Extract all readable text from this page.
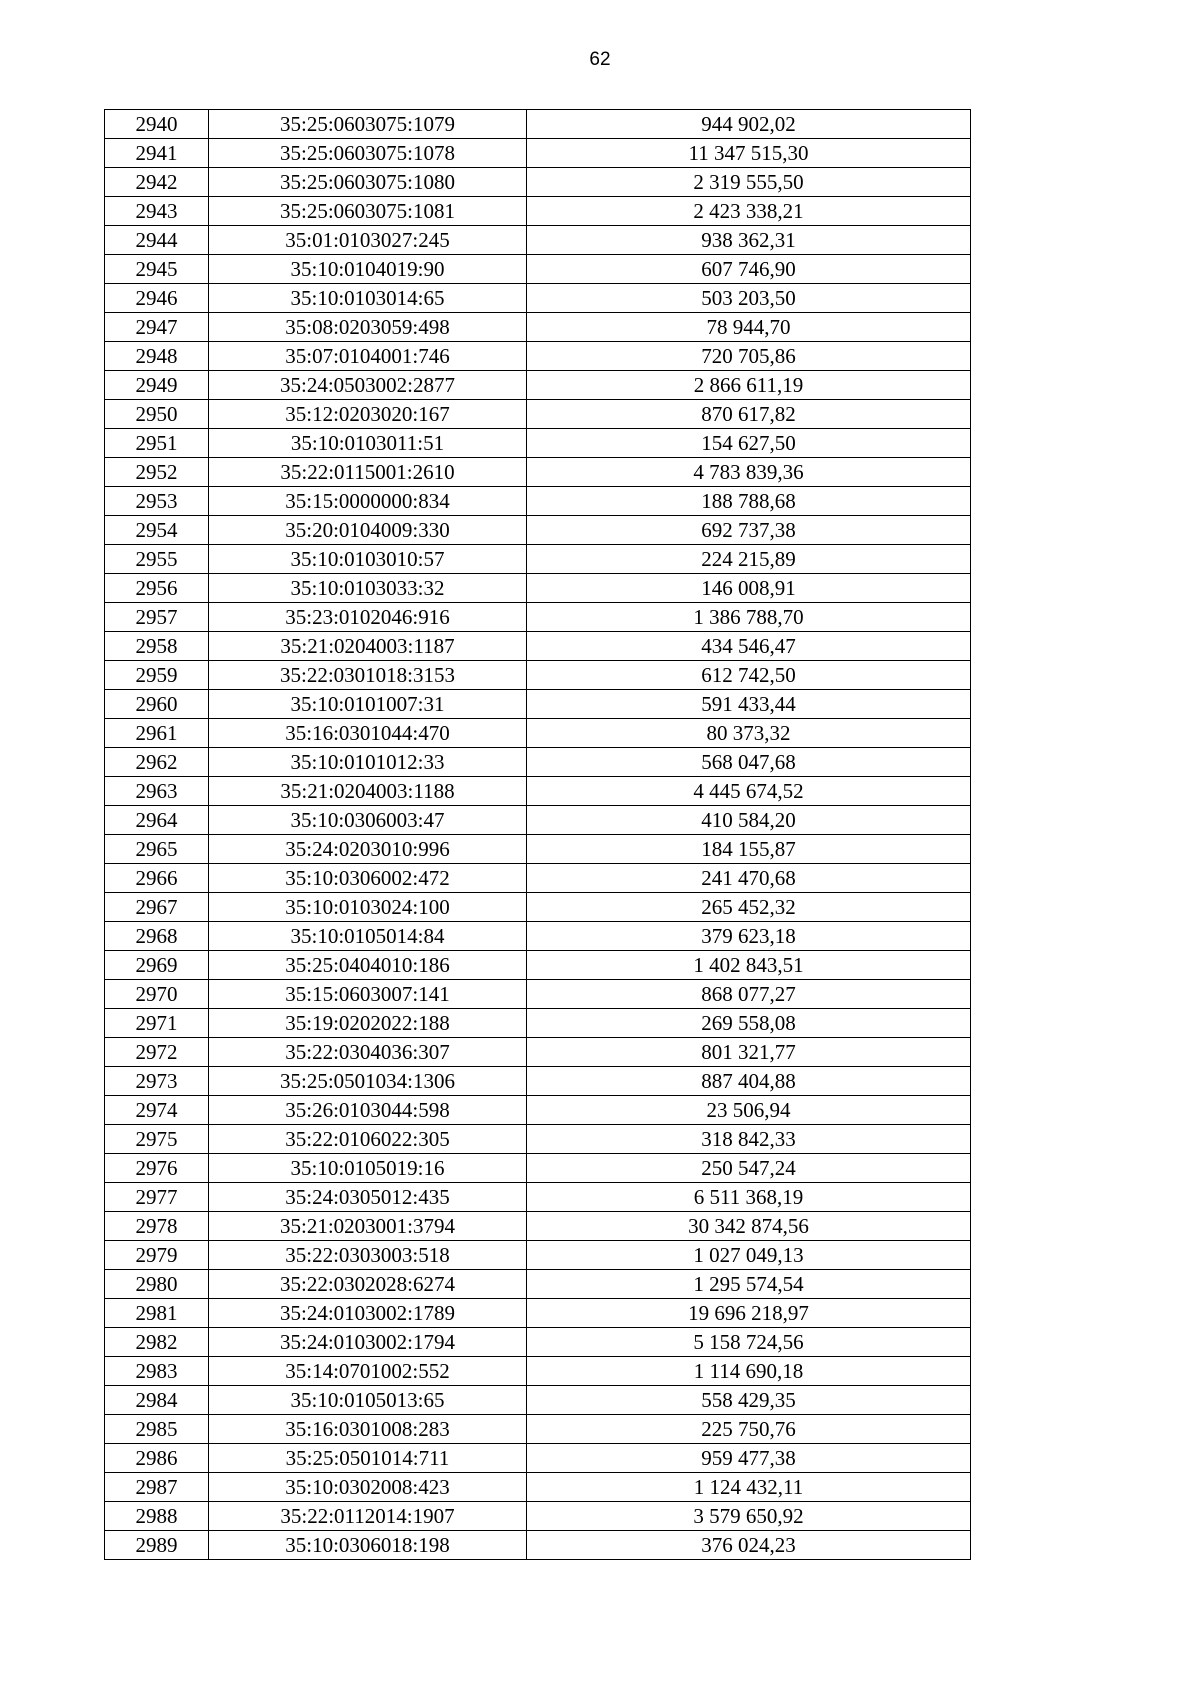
62
2940	35:25:0603075:1079	944 902,02
2941	35:25:0603075:1078	11 347 515,30
2942	35:25:0603075:1080	2 319 555,50
2943	35:25:0603075:1081	2 423 338,21
2944	35:01:0103027:245	938 362,31
2945	35:10:0104019:90	607 746,90
2946	35:10:0103014:65	503 203,50
2947	35:08:0203059:498	78 944,70
2948	35:07:0104001:746	720 705,86
2949	35:24:0503002:2877	2 866 611,19
2950	35:12:0203020:167	870 617,82
2951	35:10:0103011:51	154 627,50
2952	35:22:0115001:2610	4 783 839,36
2953	35:15:0000000:834	188 788,68
2954	35:20:0104009:330	692 737,38
2955	35:10:0103010:57	224 215,89
2956	35:10:0103033:32	146 008,91
2957	35:23:0102046:916	1 386 788,70
2958	35:21:0204003:1187	434 546,47
2959	35:22:0301018:3153	612 742,50
2960	35:10:0101007:31	591 433,44
2961	35:16:0301044:470	80 373,32
2962	35:10:0101012:33	568 047,68
2963	35:21:0204003:1188	4 445 674,52
2964	35:10:0306003:47	410 584,20
2965	35:24:0203010:996	184 155,87
2966	35:10:0306002:472	241 470,68
2967	35:10:0103024:100	265 452,32
2968	35:10:0105014:84	379 623,18
2969	35:25:0404010:186	1 402 843,51
2970	35:15:0603007:141	868 077,27
2971	35:19:0202022:188	269 558,08
2972	35:22:0304036:307	801 321,77
2973	35:25:0501034:1306	887 404,88
2974	35:26:0103044:598	23 506,94
2975	35:22:0106022:305	318 842,33
2976	35:10:0105019:16	250 547,24
2977	35:24:0305012:435	6 511 368,19
2978	35:21:0203001:3794	30 342 874,56
2979	35:22:0303003:518	1 027 049,13
2980	35:22:0302028:6274	1 295 574,54
2981	35:24:0103002:1789	19 696 218,97
2982	35:24:0103002:1794	5 158 724,56
2983	35:14:0701002:552	1 114 690,18
2984	35:10:0105013:65	558 429,35
2985	35:16:0301008:283	225 750,76
2986	35:25:0501014:711	959 477,38
2987	35:10:0302008:423	1 124 432,11
2988	35:22:0112014:1907	3 579 650,92
2989	35:10:0306018:198	376 024,23
